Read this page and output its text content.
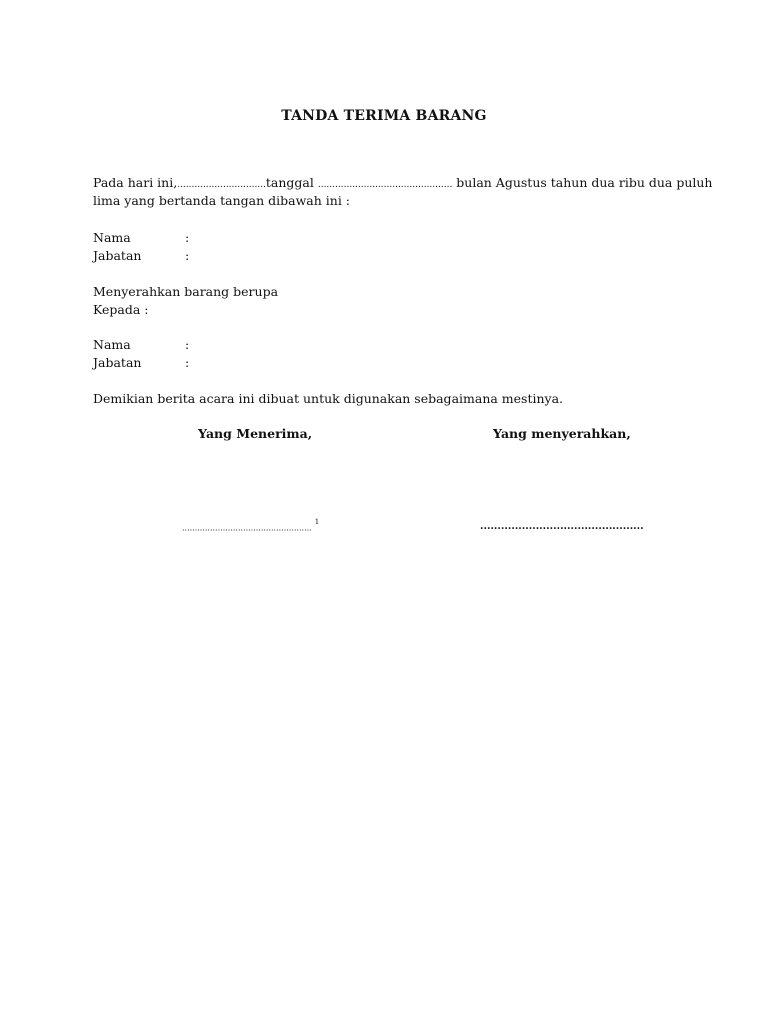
TANDA TERIMA BARANG
Pada hari ini,...............................tanggal ............................................... bulan Agustus tahun dua ribu dua puluh
lima yang bertanda tangan dibawah ini :
Nama	:
Jabatan	:
Menyerahkan barang berupa
Kepada :
Nama	:
Jabatan	:
Demikian berita acara ini dibuat untuk digunakan sebagaimana mestinya.
Yang Menerima,	Yang menyerahkan,
...................................................$^1$	...............................................
